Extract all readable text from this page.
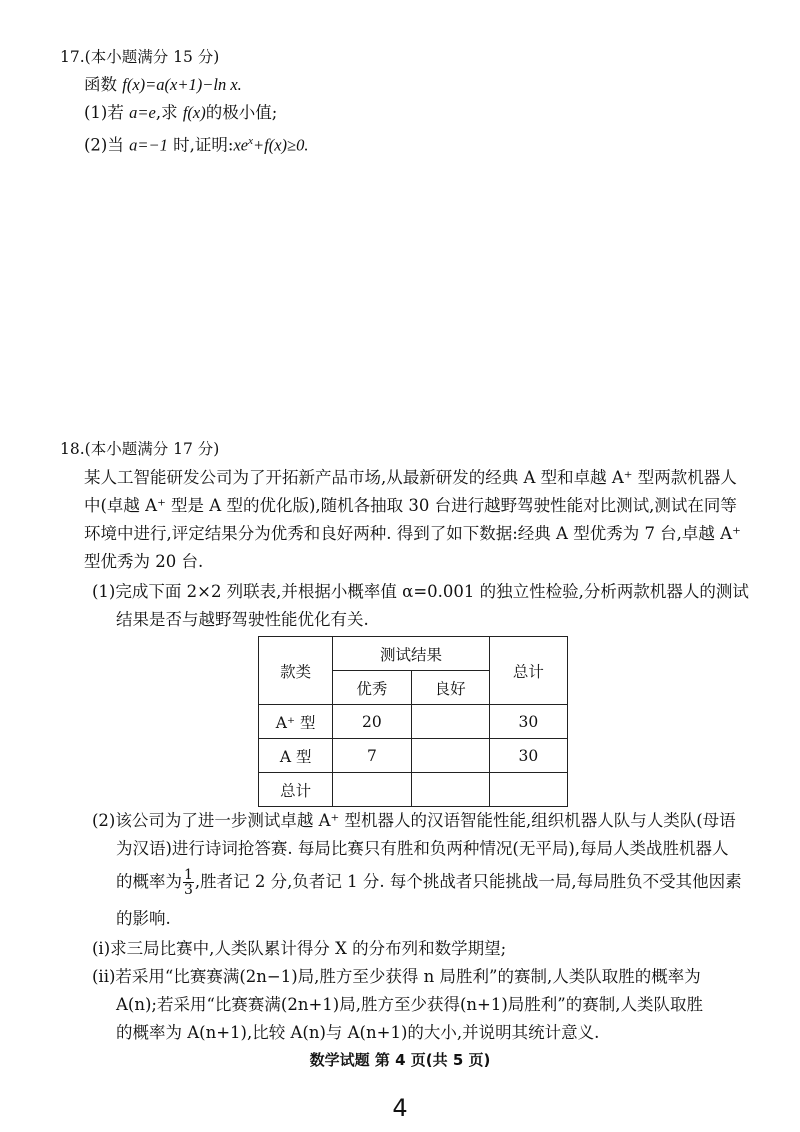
17.(本小题满分 15 分)
函数 f(x)=a(x+1)−ln x.
(1)若 a=e,求 f(x)的极小值;
(2)当 a=−1 时,证明$:xe^x+f(x)\ge 0$.
18.(本小题满分 17 分)
某人工智能研发公司为了开拓新产品市场,从最新研发的经典 A 型和卓越 A⁺ 型两款机器人
中(卓越 A⁺ 型是 A 型的优化版),随机各抽取 30 台进行越野驾驶性能对比测试,测试在同等
环境中进行,评定结果分为优秀和良好两种. 得到了如下数据:经典 A 型优秀为 7 台,卓越 A⁺
型优秀为 20 台.
(1)完成下面 2×2 列联表,并根据小概率值 α=0.001 的独立性检验,分析两款机器人的测试
结果是否与越野驾驶性能优化有关.
款类	测试结果		总计
	优秀	良好	
A⁺ 型	20		30
A 型	7		30
总计			
(2)该公司为了进一步测试卓越 A⁺ 型机器人的汉语智能性能,组织机器人队与人类队(母语
为汉语)进行诗词抢答赛. 每局比赛只有胜和负两种情况(无平局),每局人类战胜机器人
的概率为 $\frac{1}{3}$ ,胜者记 2 分,负者记 1 分. 每个挑战者只能挑战一局,每局胜负不受其他因素
的影响.
(i)求三局比赛中,人类队累计得分 X 的分布列和数学期望;
(ii)若采用“比赛赛满(2n−1)局,胜方至少获得 n 局胜利”的赛制,人类队取胜的概率为
A(n);若采用“比赛赛满(2n+1)局,胜方至少获得(n+1)局胜利”的赛制,人类队取胜
的概率为 A(n+1),比较 A(n)与 A(n+1)的大小,并说明其统计意义.
数学试题 第 4 页(共 5 页)
4
